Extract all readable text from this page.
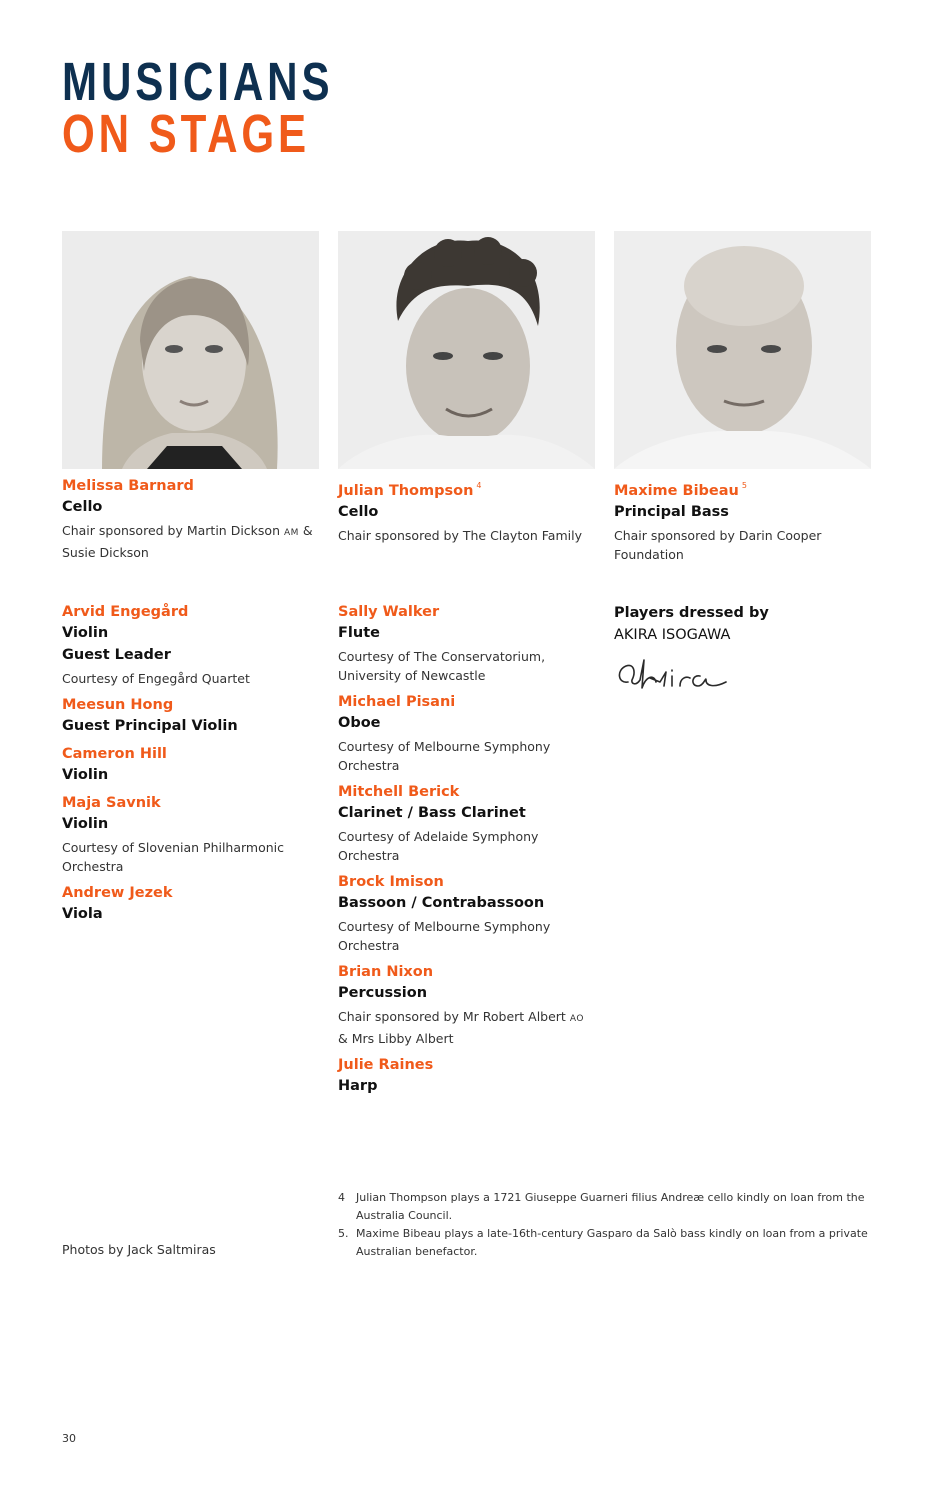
MUSICIANS
ON STAGE
Melissa Barnard
Cello
Chair sponsored by Martin Dickson AM & Susie Dickson
Julian Thompson $^4$
Cello
Chair sponsored by The Clayton Family
Maxime Bibeau $^5$
Principal Bass
Chair sponsored by Darin Cooper Foundation
Arvid Engegård
Violin
Guest Leader
Courtesy of Engegård Quartet
Meesun Hong
Guest Principal Violin
Cameron Hill
Violin
Maja Savnik
Violin
Courtesy of Slovenian Philharmonic Orchestra
Andrew Jezek
Viola
Sally Walker
Flute
Courtesy of The Conservatorium, University of Newcastle
Michael Pisani
Oboe
Courtesy of Melbourne Symphony Orchestra
Mitchell Berick
Clarinet / Bass Clarinet
Courtesy of Adelaide Symphony Orchestra
Brock Imison
Bassoon / Contrabassoon
Courtesy of Melbourne Symphony Orchestra
Brian Nixon
Percussion
Chair sponsored by Mr Robert Albert AO & Mrs Libby Albert
Julie Raines
Harp
Players dressed by
AKIRA ISOGAWA
Photos by Jack Saltmiras
4	Julian Thompson plays a 1721 Giuseppe Guarneri filius Andreæ cello kindly on loan from the Australia Council.
5. Maxime Bibeau plays a late-16th-century Gasparo da Salò bass kindly on loan from a private Australian benefactor.
30
